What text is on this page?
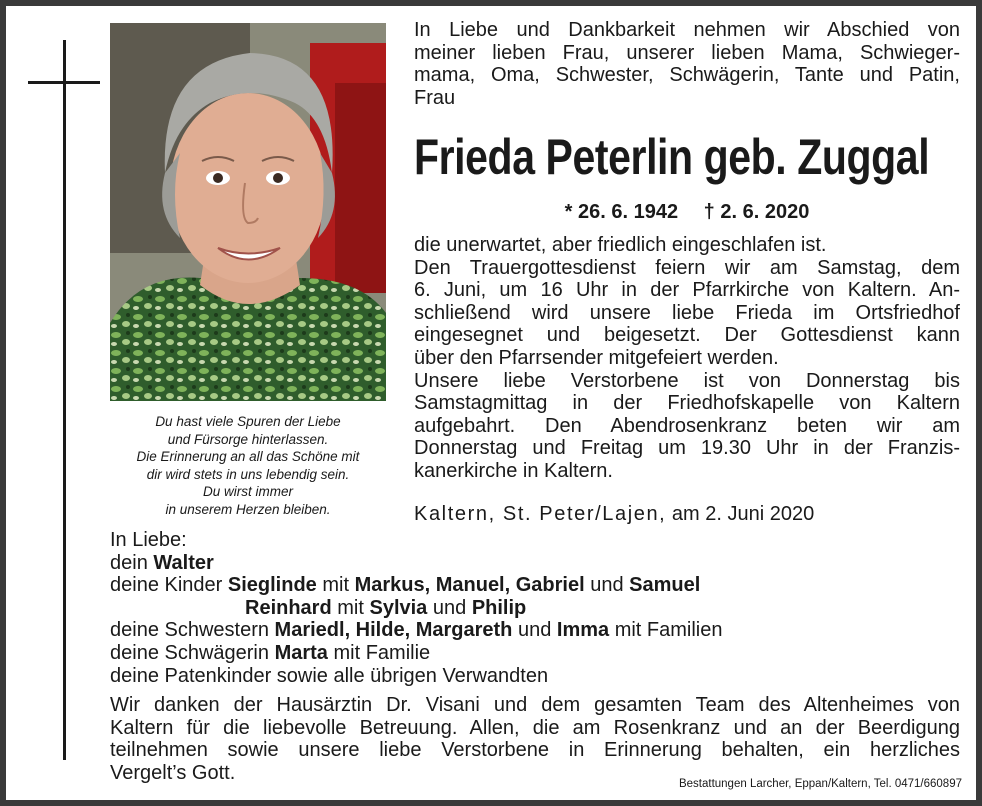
Du hast viele Spuren der Liebe
und Fürsorge hinterlassen.
Die Erinnerung an all das Schöne mit
dir wird stets in uns lebendig sein.
Du wirst immer
in unserem Herzen bleiben.
In Liebe und Dankbarkeit nehmen wir Abschied von
meiner lieben Frau, unserer lieben Mama, Schwieger-
mama, Oma, Schwester, Schwägerin, Tante und Patin,
Frau
Frieda Peterlin geb. Zuggal
* 26. 6. 1942 † 2. 6. 2020
die unerwartet, aber friedlich eingeschlafen ist.
Den Trauergottesdienst feiern wir am Samstag, dem
6. Juni, um 16 Uhr in der Pfarrkirche von Kaltern. An-
schließend wird unsere liebe Frieda im Ortsfriedhof
eingesegnet und beigesetzt. Der Gottesdienst kann
über den Pfarrsender mitgefeiert werden.
Unsere liebe Verstorbene ist von Donnerstag bis
Samstagmittag in der Friedhofskapelle von Kaltern
aufgebahrt. Den Abendrosenkranz beten wir am
Donnerstag und Freitag um 19.30 Uhr in der Franzis-
kanerkirche in Kaltern.
Kaltern, St. Peter/Lajen, am 2. Juni 2020
In Liebe:
dein Walter
deine Kinder Sieglinde mit Markus, Manuel, Gabriel und Samuel
Reinhard mit Sylvia und Philip
deine Schwestern Mariedl, Hilde, Margareth und Imma mit Familien
deine Schwägerin Marta mit Familie
deine Patenkinder sowie alle übrigen Verwandten
Wir danken der Hausärztin Dr. Visani und dem gesamten Team des Altenheimes von
Kaltern für die liebevolle Betreuung. Allen, die am Rosenkranz und an der Beerdigung
teilnehmen sowie unsere liebe Verstorbene in Erinnerung behalten, ein herzliches
Vergelt’s Gott.
Bestattungen Larcher, Eppan/Kaltern, Tel. 0471/660897
